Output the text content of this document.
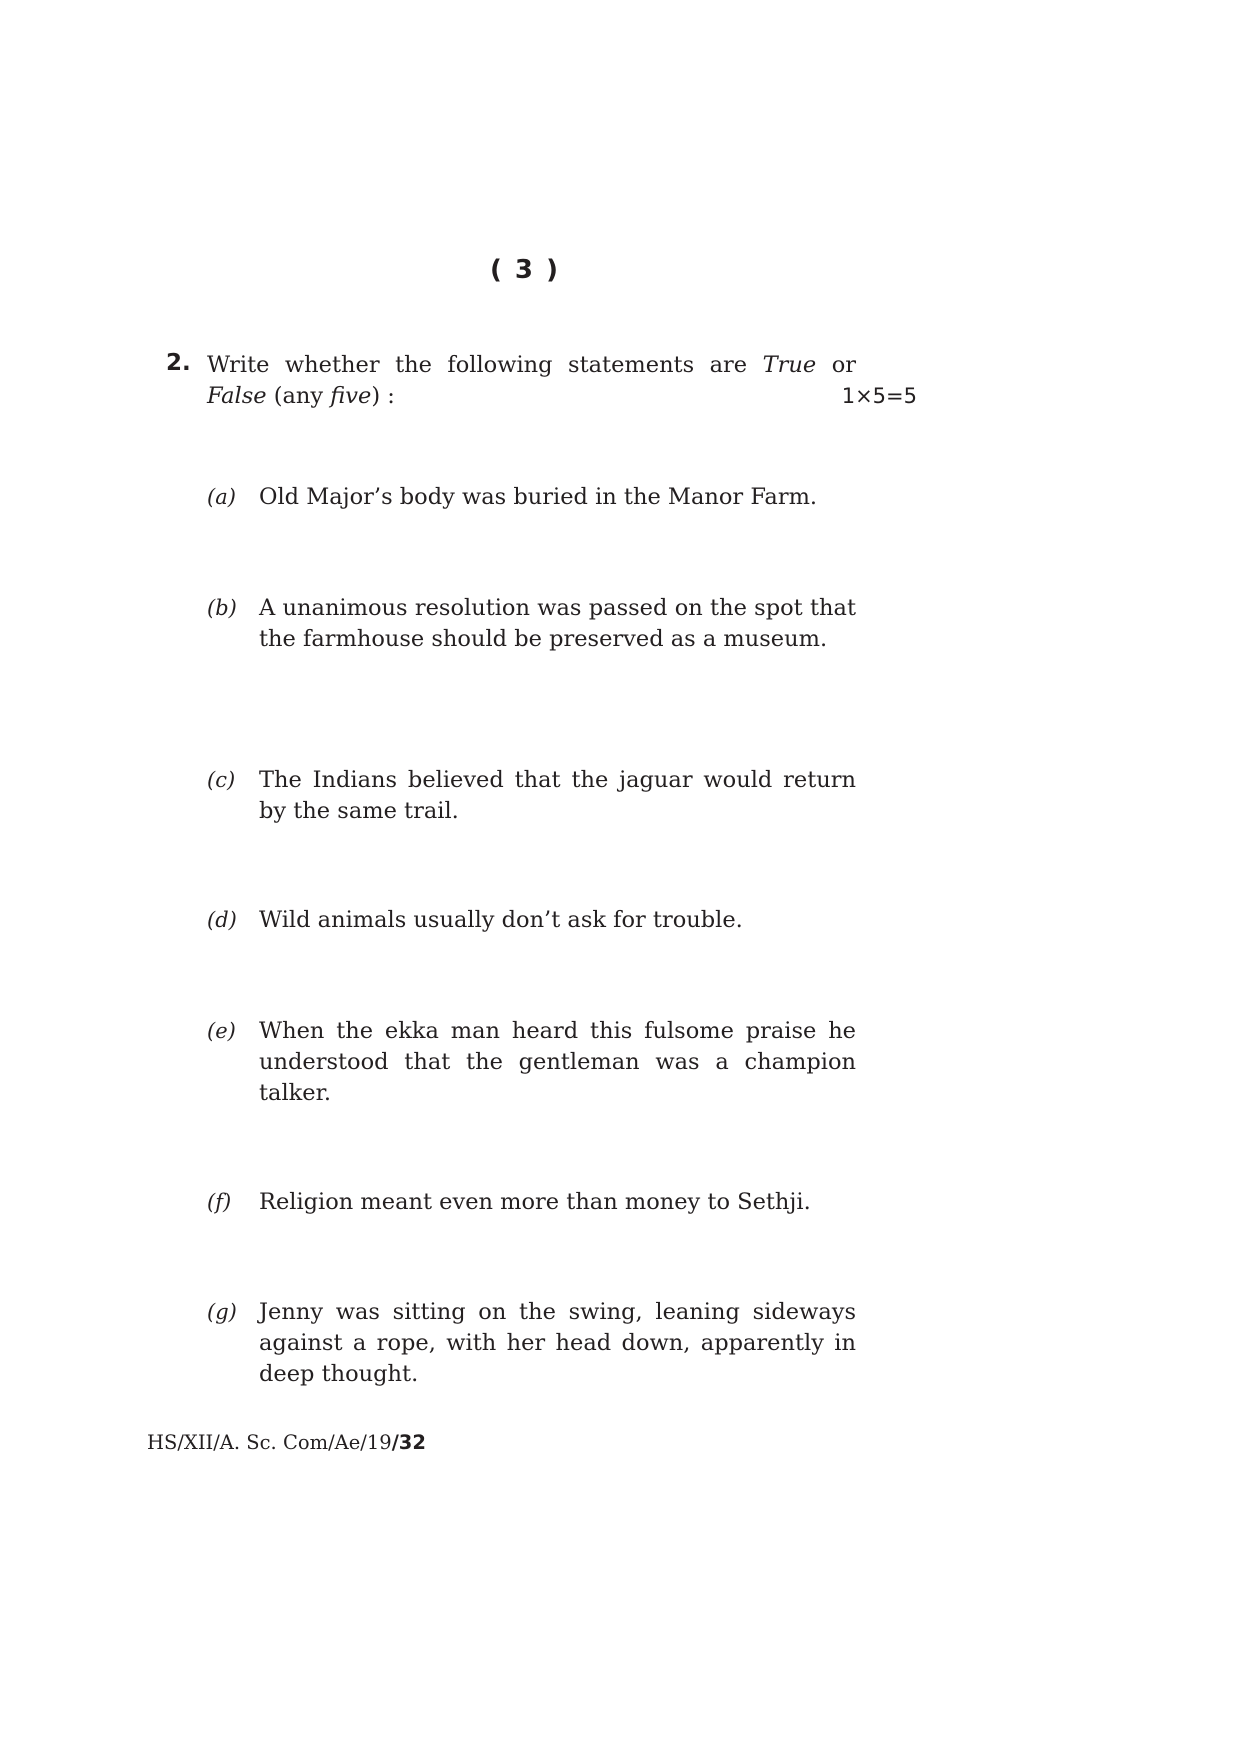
( 3 )
2. Write whether the following statements are True or
False (any five) :	1×5=5
(a) Old Major’s body was buried in the Manor Farm.
(b) A unanimous resolution was passed on the spot that the farmhouse should be preserved as a museum.
(c) The Indians believed that the jaguar would return by the same trail.
(d) Wild animals usually don’t ask for trouble.
(e) When the ekka man heard this fulsome praise he understood that the gentleman was a champion talker.
(f) Religion meant even more than money to Sethji.
(g) Jenny was sitting on the swing, leaning sideways against a rope, with her head down, apparently in deep thought.
HS/XII/A. Sc. Com/Ae/19/32
